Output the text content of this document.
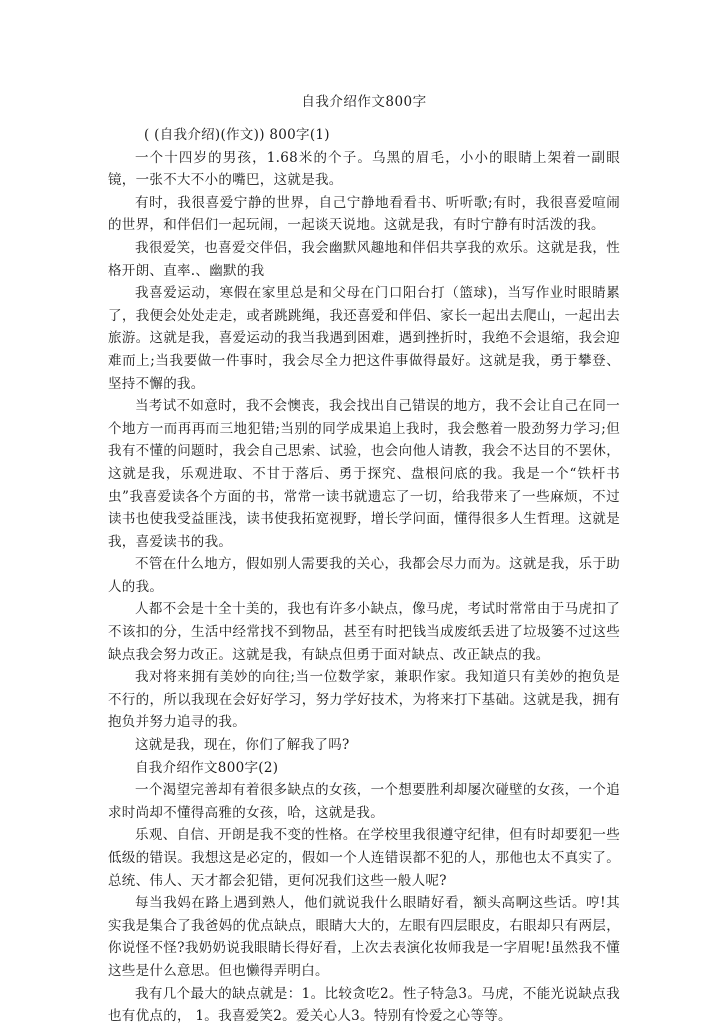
自我介绍作文800字

( (自我介绍)(作文)) 800字(1)

一个十四岁的男孩，1.68米的个子。乌黑的眉毛，小小的眼睛上架着一副眼镜，一张不大不小的嘴巴，这就是我。

有时，我很喜爱宁静的世界，自己宁静地看看书、听听歌;有时，我很喜爱喧闹的世界，和伴侣们一起玩闹，一起谈天说地。这就是我，有时宁静有时活泼的我。

我很爱笑，也喜爱交伴侣，我会幽默风趣地和伴侣共享我的欢乐。这就是我，性格开朗、直率.、幽默的我

我喜爱运动，寒假在家里总是和父母在门口阳台打（篮球)，当写作业时眼睛累了，我便会处处走走，或者跳跳绳，我还喜爱和伴侣、家长一起出去爬山，一起出去旅游。这就是我，喜爱运动的我当我遇到困难，遇到挫折时，我绝不会退缩，我会迎难而上;当我要做一件事时，我会尽全力把这件事做得最好。这就是我，勇于攀登、坚持不懈的我。

当考试不如意时，我不会懊丧，我会找出自己错误的地方，我不会让自己在同一个地方一而再再而三地犯错;当别的同学成果追上我时，我会憋着一股劲努力学习;但我有不懂的问题时，我会自己思索、试验，也会向他人请教，我会不达目的不罢休，这就是我，乐观进取、不甘于落后、勇于探究、盘根问底的我。我是一个“铁杆书虫”我喜爱读各个方面的书，常常一读书就遗忘了一切，给我带来了一些麻烦，不过读书也使我受益匪浅，读书使我拓宽视野，增长学问面，懂得很多人生哲理。这就是我，喜爱读书的我。

不管在什么地方，假如别人需要我的关心，我都会尽力而为。这就是我，乐于助人的我。

人都不会是十全十美的，我也有许多小缺点，像马虎，考试时常常由于马虎扣了不该扣的分，生活中经常找不到物品，甚至有时把钱当成废纸丢进了垃圾篓不过这些缺点我会努力改正。这就是我，有缺点但勇于面对缺点、改正缺点的我。

我对将来拥有美妙的向往;当一位数学家，兼职作家。我知道只有美妙的抱负是不行的，所以我现在会好好学习，努力学好技术，为将来打下基础。这就是我，拥有抱负并努力追寻的我。

这就是我，现在，你们了解我了吗?

自我介绍作文800字(2)

一个渴望完善却有着很多缺点的女孩，一个想要胜利却屡次碰壁的女孩，一个追求时尚却不懂得高雅的女孩，哈，这就是我。

乐观、自信、开朗是我不变的性格。在学校里我很遵守纪律，但有时却要犯一些低级的错误。我想这是必定的，假如一个人连错误都不犯的人，那他也太不真实了。总统、伟人、天才都会犯错，更何况我们这些一般人呢?

每当我妈在路上遇到熟人，他们就说我什么眼睛好看，额头高啊这些话。哼!其实我是集合了我爸妈的优点缺点，眼睛大大的，左眼有四层眼皮，右眼却只有两层，你说怪不怪?我奶奶说我眼睛长得好看，上次去表演化妆师我是一字眉呢!虽然我不懂这些是什么意思。但也懒得弄明白。

我有几个最大的缺点就是：1。比较贪吃2。性子特急3。马虎，不能光说缺点我也有优点的， 1。我喜爱笑2。爱关心人3。特别有怜爱之心等等。
